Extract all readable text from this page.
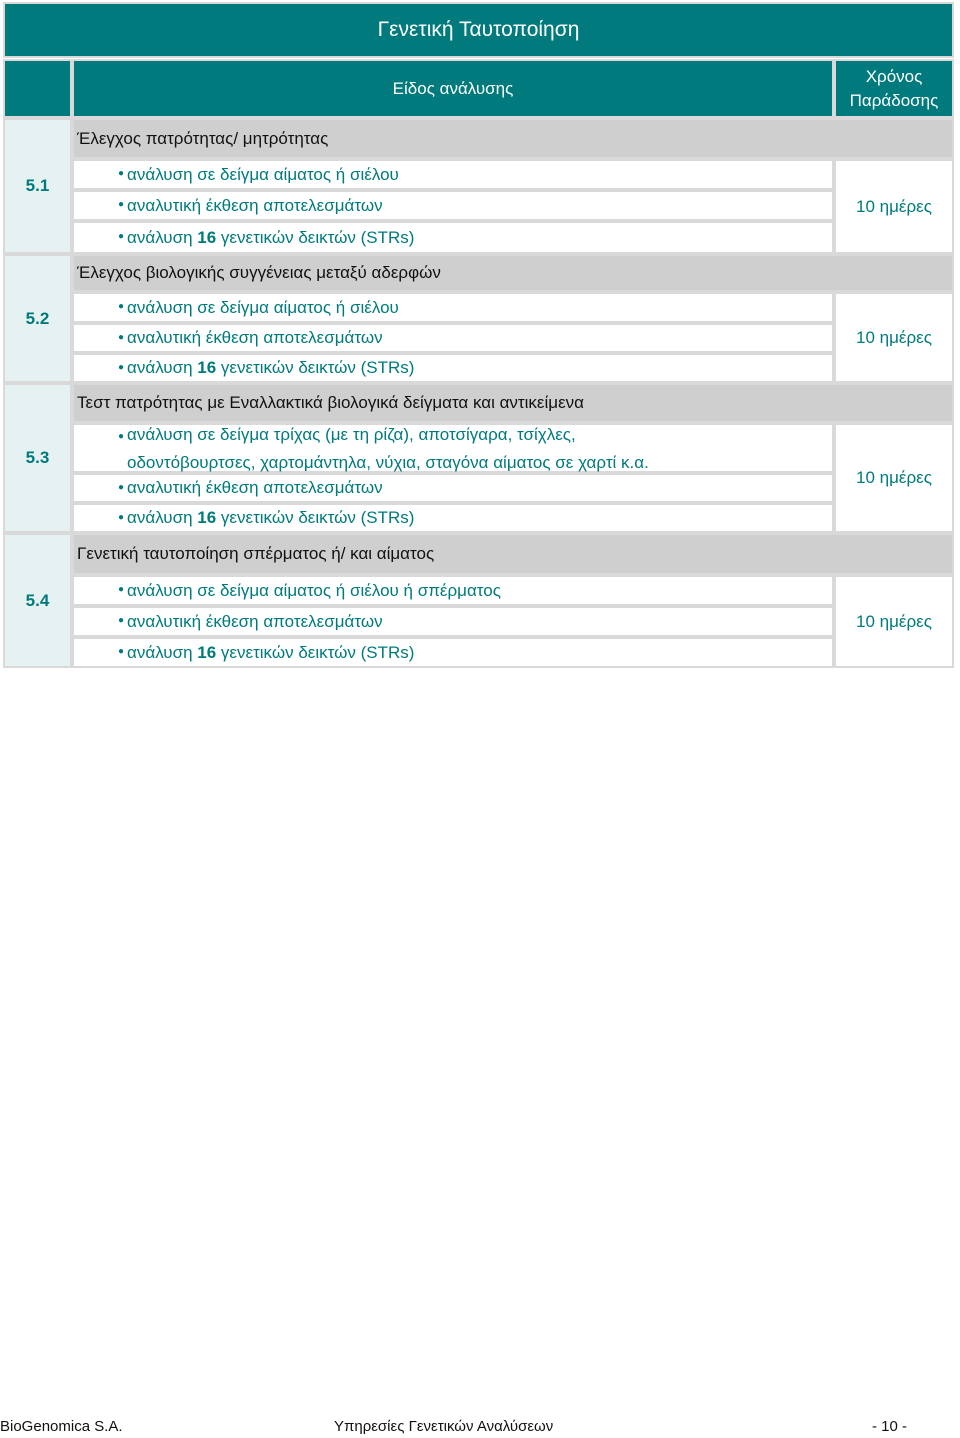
Γενετική Ταυτοποίηση
Είδος ανάλυσης
Χρόνος
Παράδοσης
5.1
Έλεγχος πατρότητας/ μητρότητας
● ανάλυση σε δείγμα αίματος ή σιέλου
● αναλυτική έκθεση αποτελεσμάτων
● ανάλυση 16 γενετικών δεικτών (STRs)
10 ημέρες
5.2
Έλεγχος βιολογικής συγγένειας μεταξύ αδερφών
● ανάλυση σε δείγμα αίματος ή σιέλου
● αναλυτική έκθεση αποτελεσμάτων
● ανάλυση 16 γενετικών δεικτών (STRs)
10 ημέρες
5.3
Τεστ πατρότητας με Εναλλακτικά βιολογικά δείγματα και αντικείμενα
● ανάλυση σε δείγμα τρίχας (με τη ρίζα), αποτσίγαρα, τσίχλες,
οδοντόβουρτσες, χαρτομάντηλα, νύχια, σταγόνα αίματος σε χαρτί κ.α.
● αναλυτική έκθεση αποτελεσμάτων
● ανάλυση 16 γενετικών δεικτών (STRs)
10 ημέρες
5.4
Γενετική ταυτοποίηση σπέρματος ή/ και αίματος
● ανάλυση σε δείγμα αίματος ή σιέλου ή σπέρματος
● αναλυτική έκθεση αποτελεσμάτων
● ανάλυση 16 γενετικών δεικτών (STRs)
10 ημέρες
BioGenomica S.A.	Υπηρεσίες Γενετικών Αναλύσεων	- 10 -
